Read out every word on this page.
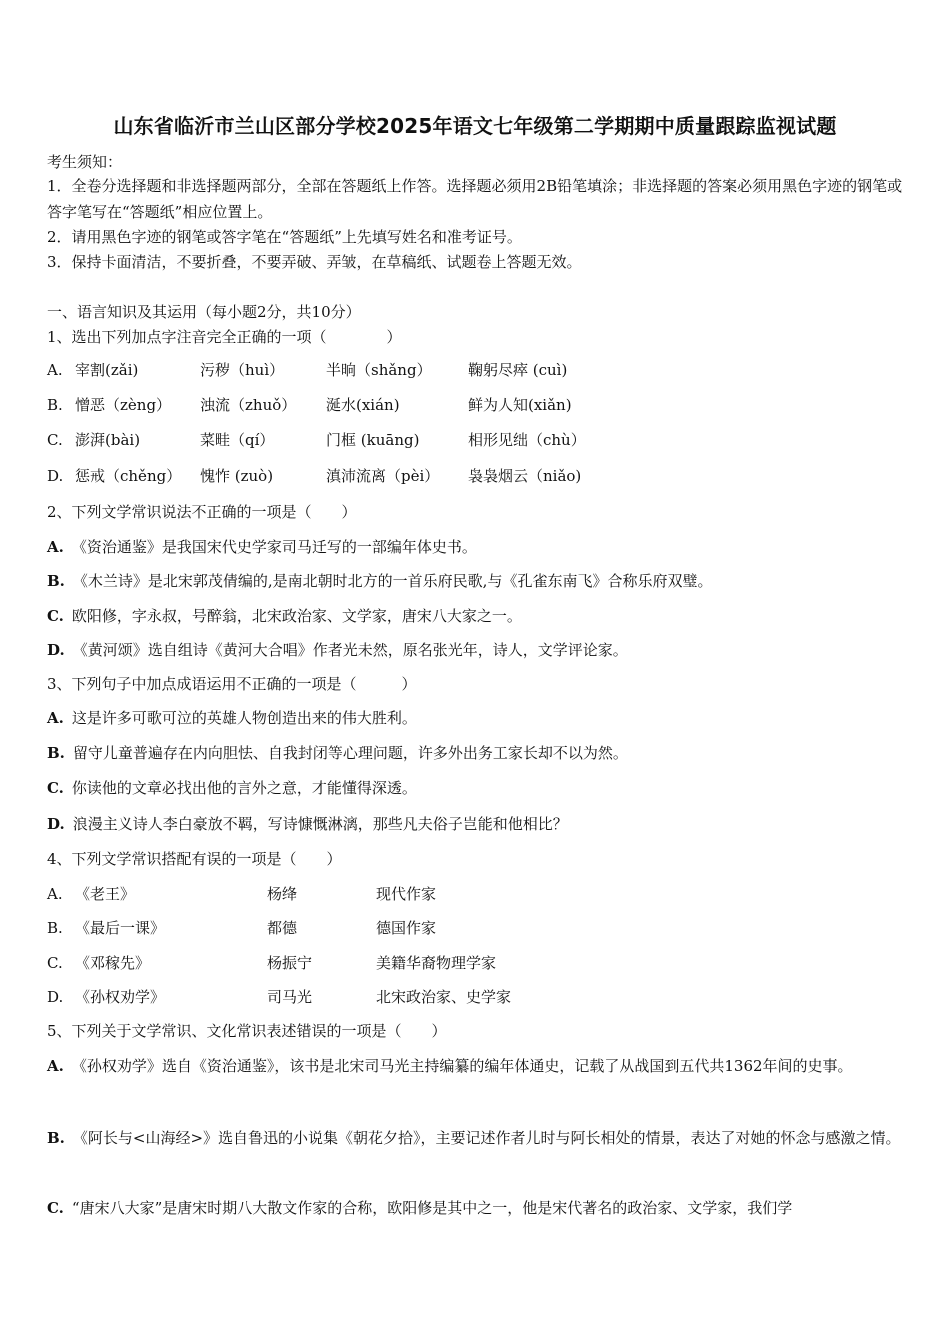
山东省临沂市兰山区部分学校2025年语文七年级第二学期期中质量跟踪监视试题
考生须知：
1．全卷分选择题和非选择题两部分，全部在答题纸上作答。选择题必须用2B铅笔填涂；非选择题的答案必须用黑色字迹的钢笔或答字笔写在“答题纸”相应位置上。
2．请用黑色字迹的钢笔或答字笔在“答题纸”上先填写姓名和准考证号。
3．保持卡面清洁，不要折叠，不要弄破、弄皱，在草稿纸、试题卷上答题无效。
一、语言知识及其运用（每小题2分，共10分）
1、选出下列加点字注音完全正确的一项（　　　　）
A. 宰割(zǎi)	污秽（huì）	半晌（shǎng） 鞠躬尽瘁 (cuì)
B. 憎恶（zèng） 浊流（zhuǒ） 涎水(xián)	鲜为人知(xiǎn)
C. 澎湃(bài)	菜畦（qí）	门框 (kuāng)	相形见绌（chù）
D. 惩戒（chěng） 愧怍 (zuò)	滇沛流离（pèi） 袅袅烟云（niǎo)
2、下列文学常识说法不正确的一项是（　　）
A. 《资治通鉴》是我国宋代史学家司马迁写的一部编年体史书。
B. 《木兰诗》是北宋郭茂倩编的,是南北朝时北方的一首乐府民歌,与《孔雀东南飞》合称乐府双璧。
C. 欧阳修，字永叔，号醉翁，北宋政治家、文学家，唐宋八大家之一。
D. 《黄河颂》选自组诗《黄河大合唱》作者光未然，原名张光年，诗人，文学评论家。
3、下列句子中加点成语运用不正确的一项是（　　　）
A. 这是许多可歌可泣的英雄人物创造出来的伟大胜利。
B. 留守儿童普遍存在内向胆怯、自我封闭等心理问题，许多外出务工家长却不以为然。
C. 你读他的文章必找出他的言外之意，才能懂得深透。
D. 浪漫主义诗人李白豪放不羁，写诗慷慨淋漓，那些凡夫俗子岂能和他相比？
4、下列文学常识搭配有误的一项是（　　）
A. 《老王》	杨绛	现代作家
B. 《最后一课》	都德	德国作家
C. 《邓稼先》	杨振宁	美籍华裔物理学家
D. 《孙权劝学》	司马光	北宋政治家、史学家
5、下列关于文学常识、文化常识表述错误的一项是（　　）
A. 《孙权劝学》选自《资治通鉴》，该书是北宋司马光主持编纂的编年体通史，记载了从战国到五代共1362年间的史事。
B. 《阿长与<山海经>》选自鲁迅的小说集《朝花夕拾》，主要记述作者儿时与阿长相处的情景，表达了对她的怀念与感激之情。
C. “唐宋八大家”是唐宋时期八大散文作家的合称，欧阳修是其中之一，他是宋代著名的政治家、文学家，我们学
